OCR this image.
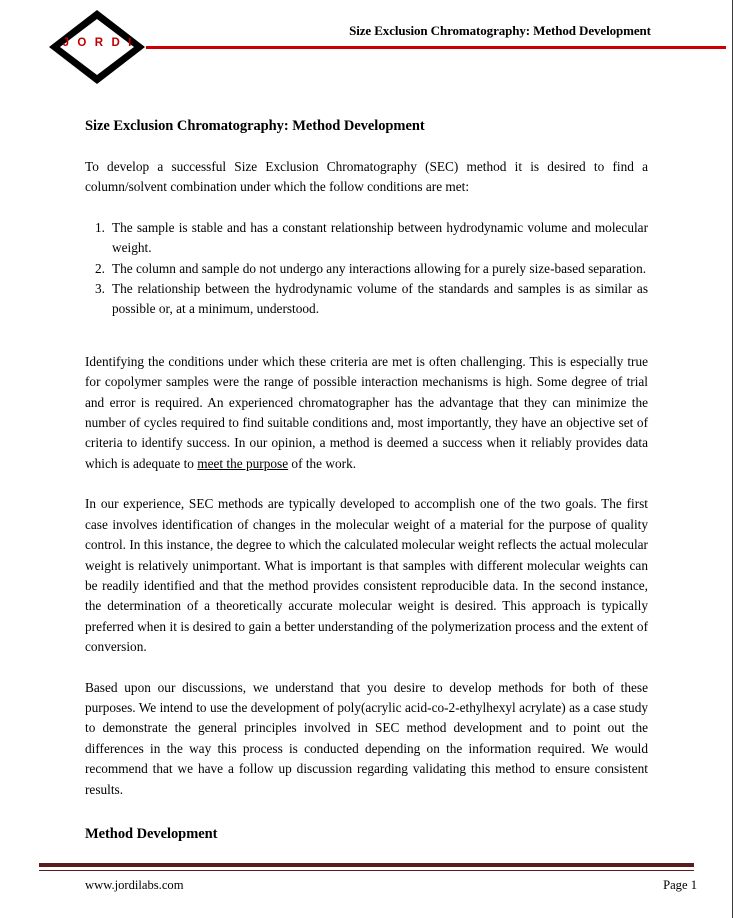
J O R D I
Size Exclusion Chromatography: Method Development
Size Exclusion Chromatography: Method Development

To develop a successful Size Exclusion Chromatography (SEC) method it is desired to find a column/solvent combination under which the follow conditions are met:

1. The sample is stable and has a constant relationship between hydrodynamic volume and molecular weight.
2. The column and sample do not undergo any interactions allowing for a purely size-based separation.
3. The relationship between the hydrodynamic volume of the standards and samples is as similar as possible or, at a minimum, understood.

Identifying the conditions under which these criteria are met is often challenging. This is especially true for copolymer samples were the range of possible interaction mechanisms is high. Some degree of trial and error is required. An experienced chromatographer has the advantage that they can minimize the number of cycles required to find suitable conditions and, most importantly, they have an objective set of criteria to identify success. In our opinion, a method is deemed a success when it reliably provides data which is adequate to meet the purpose of the work.

In our experience, SEC methods are typically developed to accomplish one of the two goals. The first case involves identification of changes in the molecular weight of a material for the purpose of quality control. In this instance, the degree to which the calculated molecular weight reflects the actual molecular weight is relatively unimportant. What is important is that samples with different molecular weights can be readily identified and that the method provides consistent reproducible data. In the second instance, the determination of a theoretically accurate molecular weight is desired. This approach is typically preferred when it is desired to gain a better understanding of the polymerization process and the extent of conversion.

Based upon our discussions, we understand that you desire to develop methods for both of these purposes. We intend to use the development of poly(acrylic acid-co-2-ethylhexyl acrylate) as a case study to demonstrate the general principles involved in SEC method development and to point out the differences in the way this process is conducted depending on the information required. We would recommend that we have a follow up discussion regarding validating this method to ensure consistent results.

Method Development
www.jordilabs.com	Page 1
